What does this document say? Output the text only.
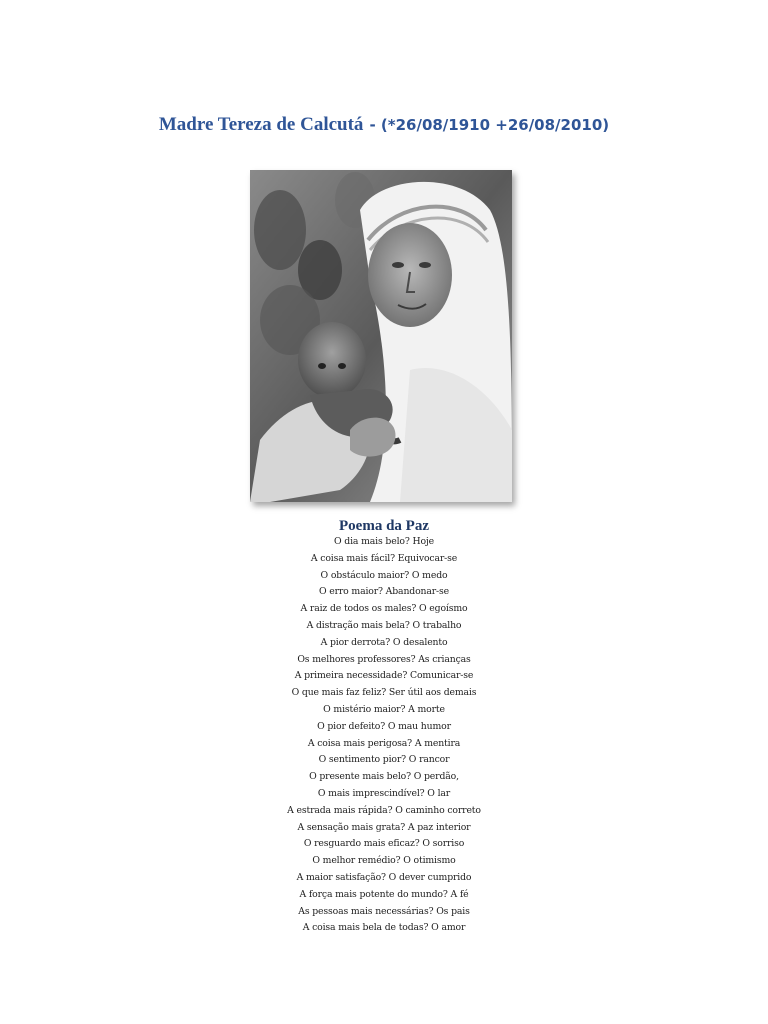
Madre Tereza de Calcutá - (*26/08/1910 +26/08/2010)
Poema da Paz
O dia mais belo? Hoje
A coisa mais fácil? Equivocar-se
O obstáculo maior? O medo
O erro maior? Abandonar-se
A raiz de todos os males? O egoísmo
A distração mais bela? O trabalho
A pior derrota? O desalento
Os melhores professores? As crianças
A primeira necessidade? Comunicar-se
O que mais faz feliz? Ser útil aos demais
O mistério maior? A morte
O pior defeito? O mau humor
A coisa mais perigosa? A mentira
O sentimento pior? O rancor
O presente mais belo? O perdão,
O mais imprescindível? O lar
A estrada mais rápida? O caminho correto
A sensação mais grata? A paz interior
O resguardo mais eficaz? O sorriso
O melhor remédio? O otimismo
A maior satisfação? O dever cumprido
A força mais potente do mundo? A fé
As pessoas mais necessárias? Os pais
A coisa mais bela de todas? O amor
